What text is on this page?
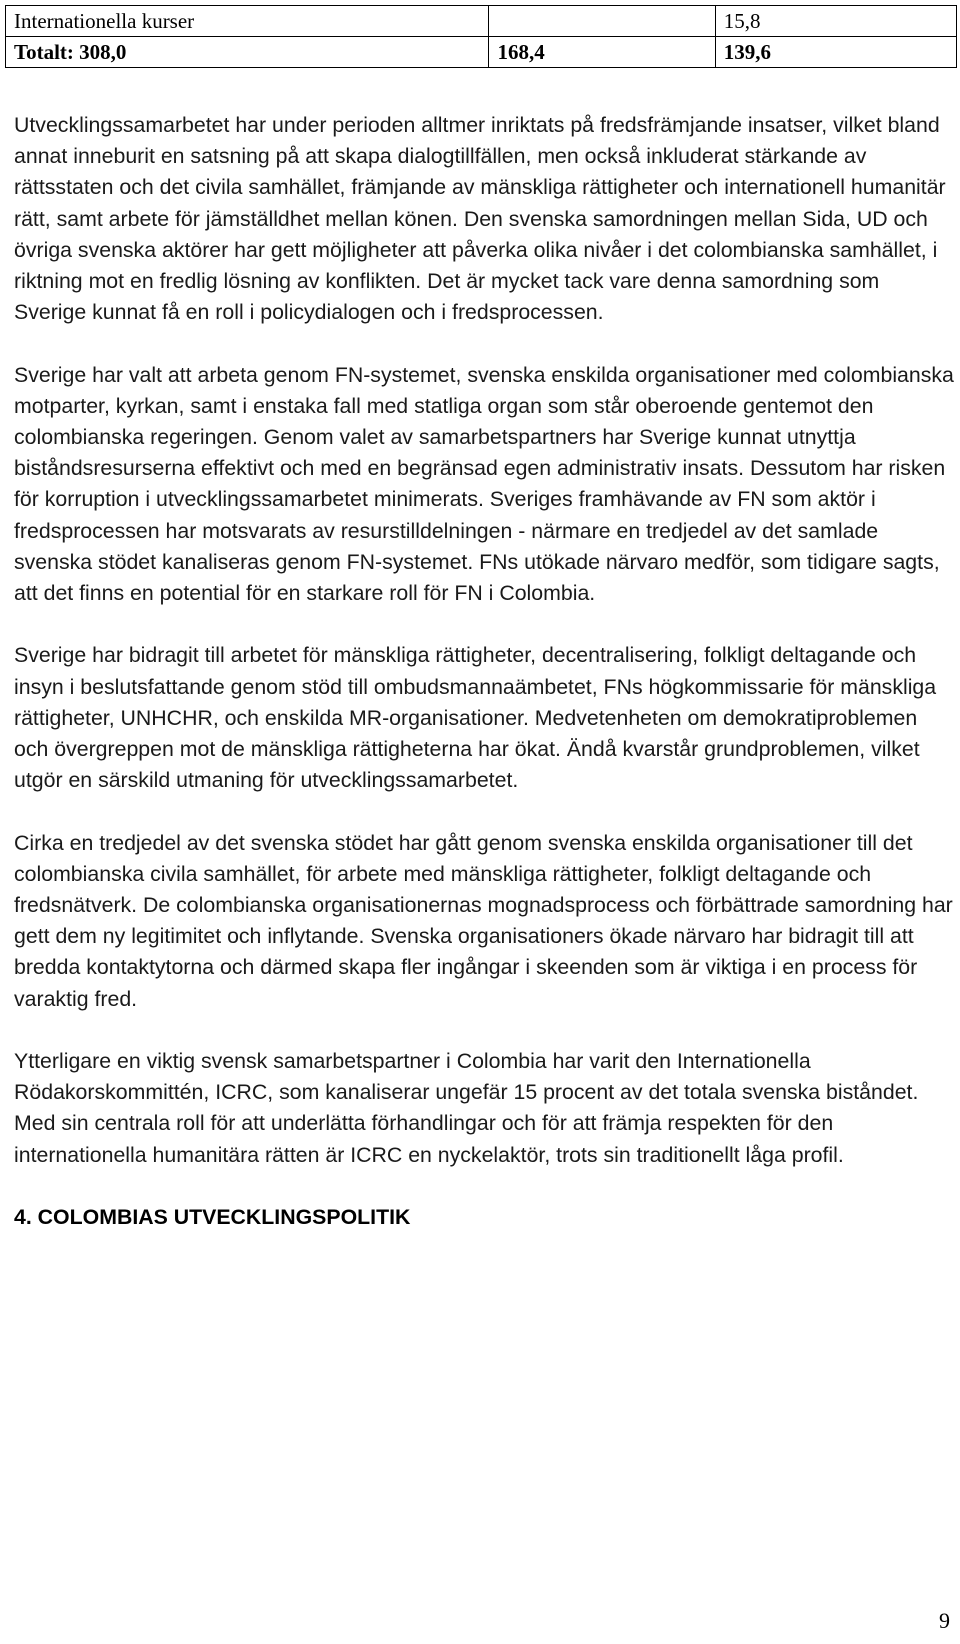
Internationella kurser		15,8
Totalt: 308,0	168,4	139,6

Utvecklingssamarbetet har under perioden alltmer inriktats på fredsfrämjande insatser, vilket bland annat inneburit en satsning på att skapa dialogtillfällen, men också inkluderat stärkande av rättsstaten och det civila samhället, främjande av mänskliga rättigheter och internationell humanitär rätt, samt arbete för jämställdhet mellan könen. Den svenska samordningen mellan Sida, UD och övriga svenska aktörer har gett möjligheter att påverka olika nivåer i det colombianska samhället, i riktning mot en fredlig lösning av konflikten. Det är mycket tack vare denna samordning som Sverige kunnat få en roll i policydialogen och i fredsprocessen.

Sverige har valt att arbeta genom FN-systemet, svenska enskilda organisationer med colombianska motparter, kyrkan, samt i enstaka fall med statliga organ som står oberoende gentemot den colombianska regeringen. Genom valet av samarbetspartners har Sverige kunnat utnyttja biståndsresurserna effektivt och med en begränsad egen administrativ insats. Dessutom har risken för korruption i utvecklingssamarbetet minimerats. Sveriges framhävande av FN som aktör i fredsprocessen har motsvarats av resurstilldelningen - närmare en tredjedel av det samlade svenska stödet kanaliseras genom FN-systemet. FNs utökade närvaro medför, som tidigare sagts, att det finns en potential för en starkare roll för FN i Colombia.

Sverige har bidragit till arbetet för mänskliga rättigheter, decentralisering, folkligt deltagande och insyn i beslutsfattande genom stöd till ombudsmannaämbetet, FNs högkommissarie för mänskliga rättigheter, UNHCHR, och enskilda MR-organisationer. Medvetenheten om demokratiproblemen och övergreppen mot de mänskliga rättigheterna har ökat. Ändå kvarstår grundproblemen, vilket utgör en särskild utmaning för utvecklingssamarbetet.

Cirka en tredjedel av det svenska stödet har gått genom svenska enskilda organisationer till det colombianska civila samhället, för arbete med mänskliga rättigheter, folkligt deltagande och fredsnätverk. De colombianska organisationernas mognadsprocess och förbättrade samordning har gett dem ny legitimitet och inflytande. Svenska organisationers ökade närvaro har bidragit till att bredda kontaktytorna och därmed skapa fler ingångar i skeenden som är viktiga i en process för varaktig fred.

Ytterligare en viktig svensk samarbetspartner i Colombia har varit den Internationella Rödakorskommittén, ICRC, som kanaliserar ungefär 15 procent av det totala svenska biståndet. Med sin centrala roll för att underlätta förhandlingar och för att främja respekten för den internationella humanitära rätten är ICRC en nyckelaktör, trots sin traditionellt låga profil.

4. COLOMBIAS UTVECKLINGSPOLITIK
9
